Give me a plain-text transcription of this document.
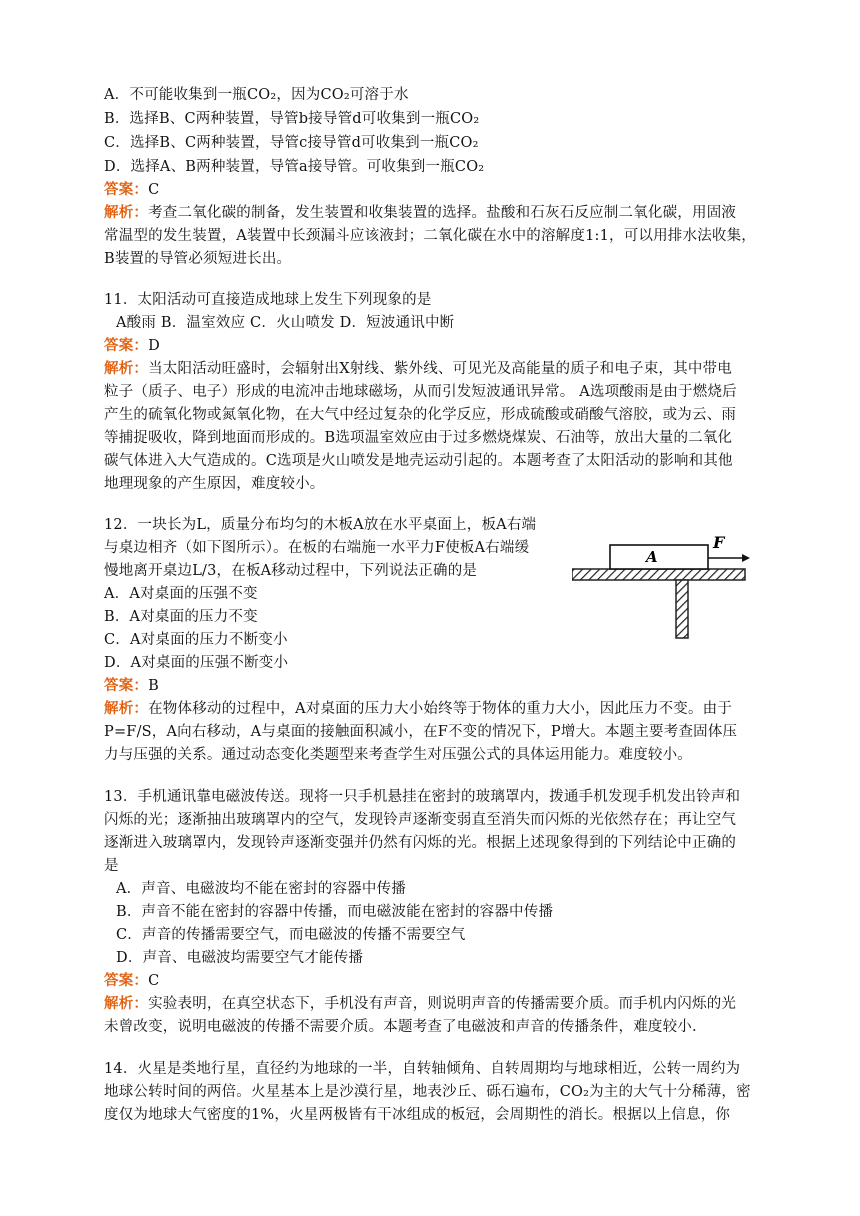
A．不可能收集到一瓶CO₂，因为CO₂可溶于水
B．选择B、C两种装置，导管b接导管d可收集到一瓶CO₂
C．选择B、C两种装置，导管c接导管d可收集到一瓶CO₂
D．选择A、B两种装置，导管a接导管。可收集到一瓶CO₂
答案：C
解析：考查二氧化碳的制备，发生装置和收集装置的选择。盐酸和石灰石反应制二氧化碳，用固液
常温型的发生装置，A装置中长颈漏斗应该液封；二氧化碳在水中的溶解度1:1，可以用排水法收集，
B装置的导管必须短进长出。
11．太阳活动可直接造成地球上发生下列现象的是
A酸雨 B．温室效应 C．火山喷发 D．短波通讯中断
答案：D
解析：当太阳活动旺盛时，会辐射出X射线、紫外线、可见光及高能量的质子和电子束，其中带电
粒子（质子、电子）形成的电流冲击地球磁场，从而引发短波通讯异常。 A选项酸雨是由于燃烧后
产生的硫氧化物或氮氧化物，在大气中经过复杂的化学反应，形成硫酸或硝酸气溶胶，或为云、雨
等捕捉吸收，降到地面而形成的。B选项温室效应由于过多燃烧煤炭、石油等，放出大量的二氧化
碳气体进入大气造成的。C选项是火山喷发是地壳运动引起的。本题考查了太阳活动的影响和其他
地理现象的产生原因，难度较小。
12．一块长为L，质量分布均匀的木板A放在水平桌面上，板A右端
与桌边相齐（如下图所示）。在板的右端施一水平力F使板A右端缓
慢地离开桌边L/3，在板A移动过程中，下列说法正确的是
A．A对桌面的压强不变
B．A对桌面的压力不变
C．A对桌面的压力不断变小
D．A对桌面的压强不断变小
答案：B
解析：在物体移动的过程中，A对桌面的压力大小始终等于物体的重力大小，因此压力不变。由于
P=F/S，A向右移动，A与桌面的接触面积减小，在F不变的情况下，P增大。本题主要考查固体压
力与压强的关系。通过动态变化类题型来考查学生对压强公式的具体运用能力。难度较小。
A
F
13．手机通讯靠电磁波传送。现将一只手机悬挂在密封的玻璃罩内，拨通手机发现手机发出铃声和
闪烁的光；逐渐抽出玻璃罩内的空气，发现铃声逐渐变弱直至消失而闪烁的光依然存在；再让空气
逐渐进入玻璃罩内，发现铃声逐渐变强并仍然有闪烁的光。根据上述现象得到的下列结论中正确的
是
A．声音、电磁波均不能在密封的容器中传播
B．声音不能在密封的容器中传播，而电磁波能在密封的容器中传播
C．声音的传播需要空气，而电磁波的传播不需要空气
D．声音、电磁波均需要空气才能传播
答案：C
解析：实验表明，在真空状态下，手机没有声音，则说明声音的传播需要介质。而手机内闪烁的光
未曾改变，说明电磁波的传播不需要介质。本题考查了电磁波和声音的传播条件，难度较小.
14．火星是类地行星，直径约为地球的一半，自转轴倾角、自转周期均与地球相近，公转一周约为
地球公转时间的两倍。火星基本上是沙漠行星，地表沙丘、砾石遍布，CO₂为主的大气十分稀薄，密
度仅为地球大气密度的1%，火星两极皆有干冰组成的板冠，会周期性的消长。根据以上信息，你
